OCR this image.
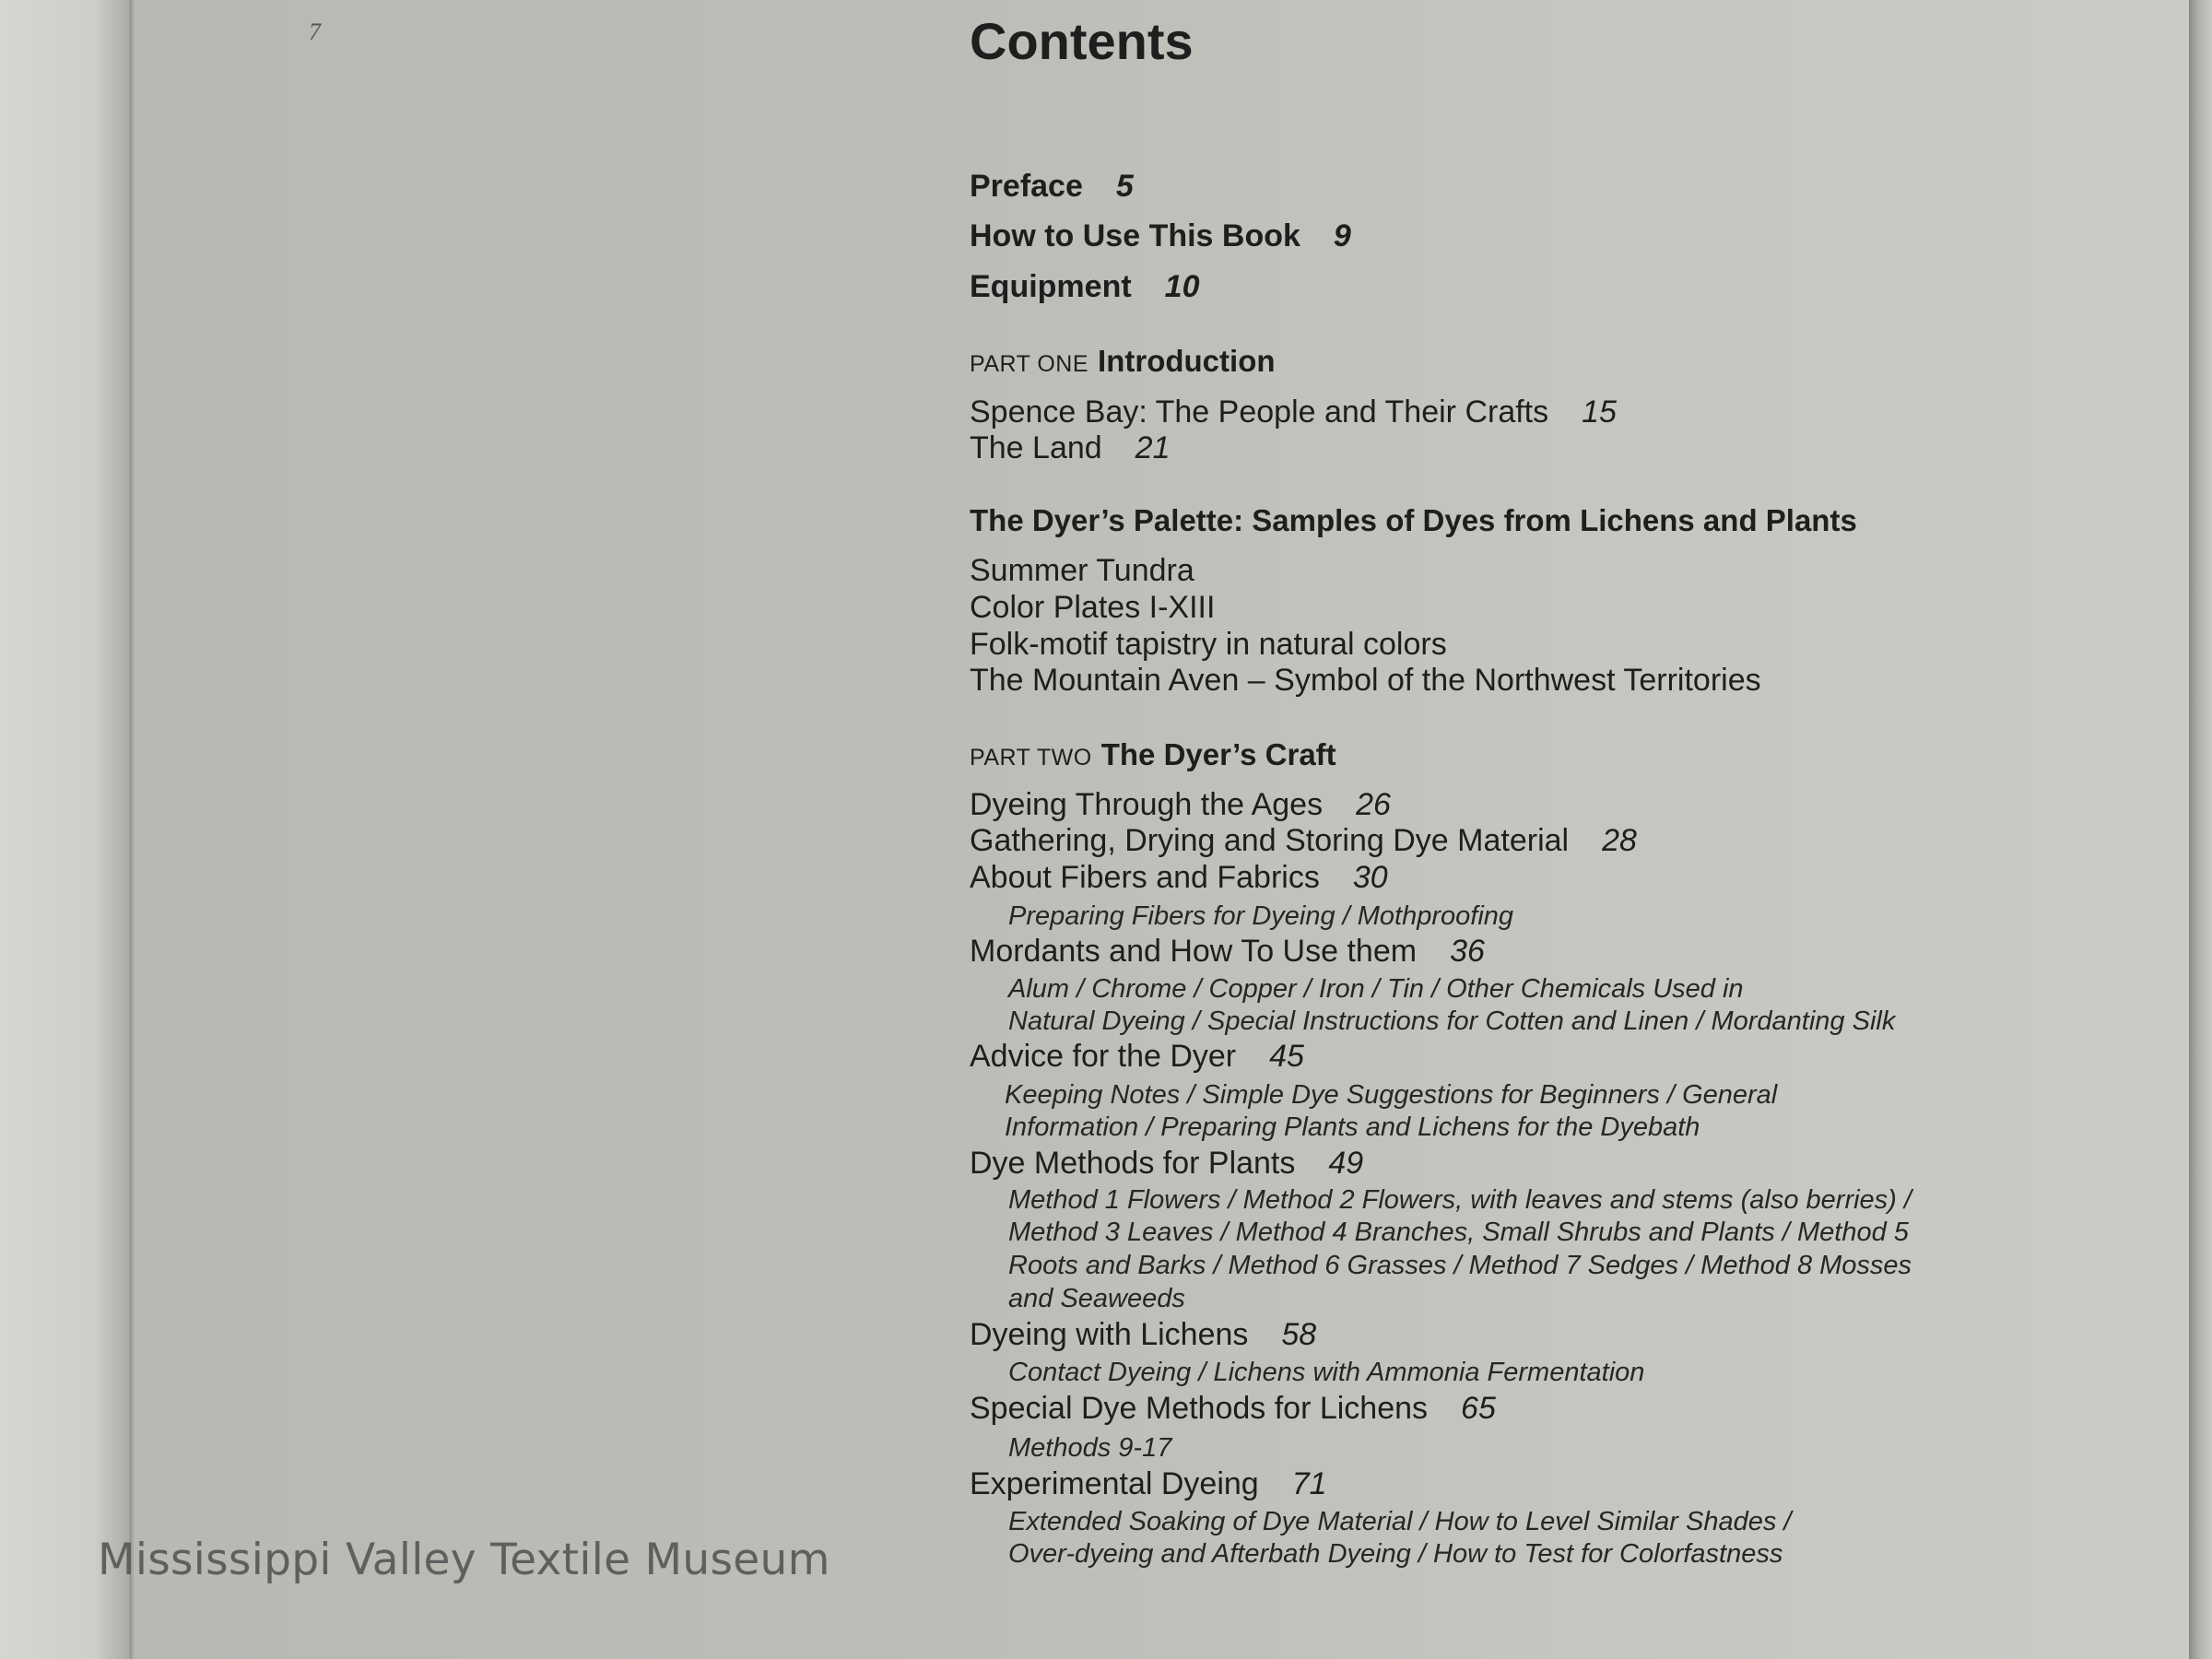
7
Mississippi Valley Textile Museum
Contents
Preface 5
How to Use This Book 9
Equipment 10
PART ONE Introduction
Spence Bay: The People and Their Crafts 15
The Land 21
The Dyer’s Palette: Samples of Dyes from Lichens and Plants
Summer Tundra
Color Plates I-XIII
Folk-motif tapistry in natural colors
The Mountain Aven – Symbol of the Northwest Territories
PART TWO The Dyer’s Craft
Dyeing Through the Ages 26
Gathering, Drying and Storing Dye Material 28
About Fibers and Fabrics 30
Preparing Fibers for Dyeing / Mothproofing
Mordants and How To Use them 36
Alum / Chrome / Copper / Iron / Tin / Other Chemicals Used in
Natural Dyeing / Special Instructions for Cotten and Linen / Mordanting Silk
Advice for the Dyer 45
Keeping Notes / Simple Dye Suggestions for Beginners / General
Information / Preparing Plants and Lichens for the Dyebath
Dye Methods for Plants 49
Method 1 Flowers / Method 2 Flowers, with leaves and stems (also berries) /
Method 3 Leaves / Method 4 Branches, Small Shrubs and Plants / Method 5
Roots and Barks / Method 6 Grasses / Method 7 Sedges / Method 8 Mosses
and Seaweeds
Dyeing with Lichens 58
Contact Dyeing / Lichens with Ammonia Fermentation
Special Dye Methods for Lichens 65
Methods 9-17
Experimental Dyeing 71
Extended Soaking of Dye Material / How to Level Similar Shades /
Over-dyeing and Afterbath Dyeing / How to Test for Colorfastness
